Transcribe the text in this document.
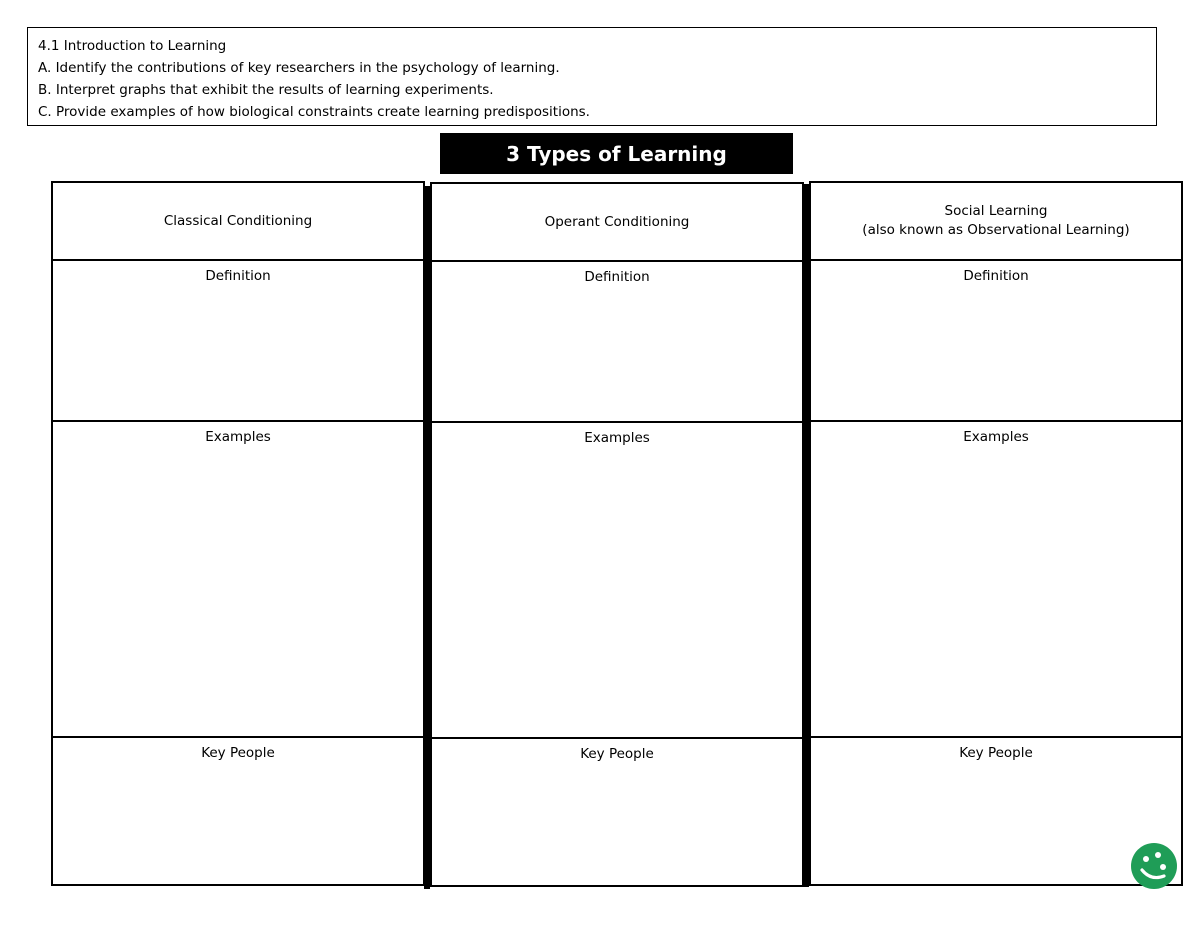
4.1 Introduction to Learning
A. Identify the contributions of key researchers in the psychology of learning.
B. Interpret graphs that exhibit the results of learning experiments.
C. Provide examples of how biological constraints create learning predispositions.
3 Types of Learning
Classical Conditioning
Definition
Examples
Key People
Operant Conditioning
Definition
Examples
Key People
Social Learning
(also known as Observational Learning)
Definition
Examples
Key People
